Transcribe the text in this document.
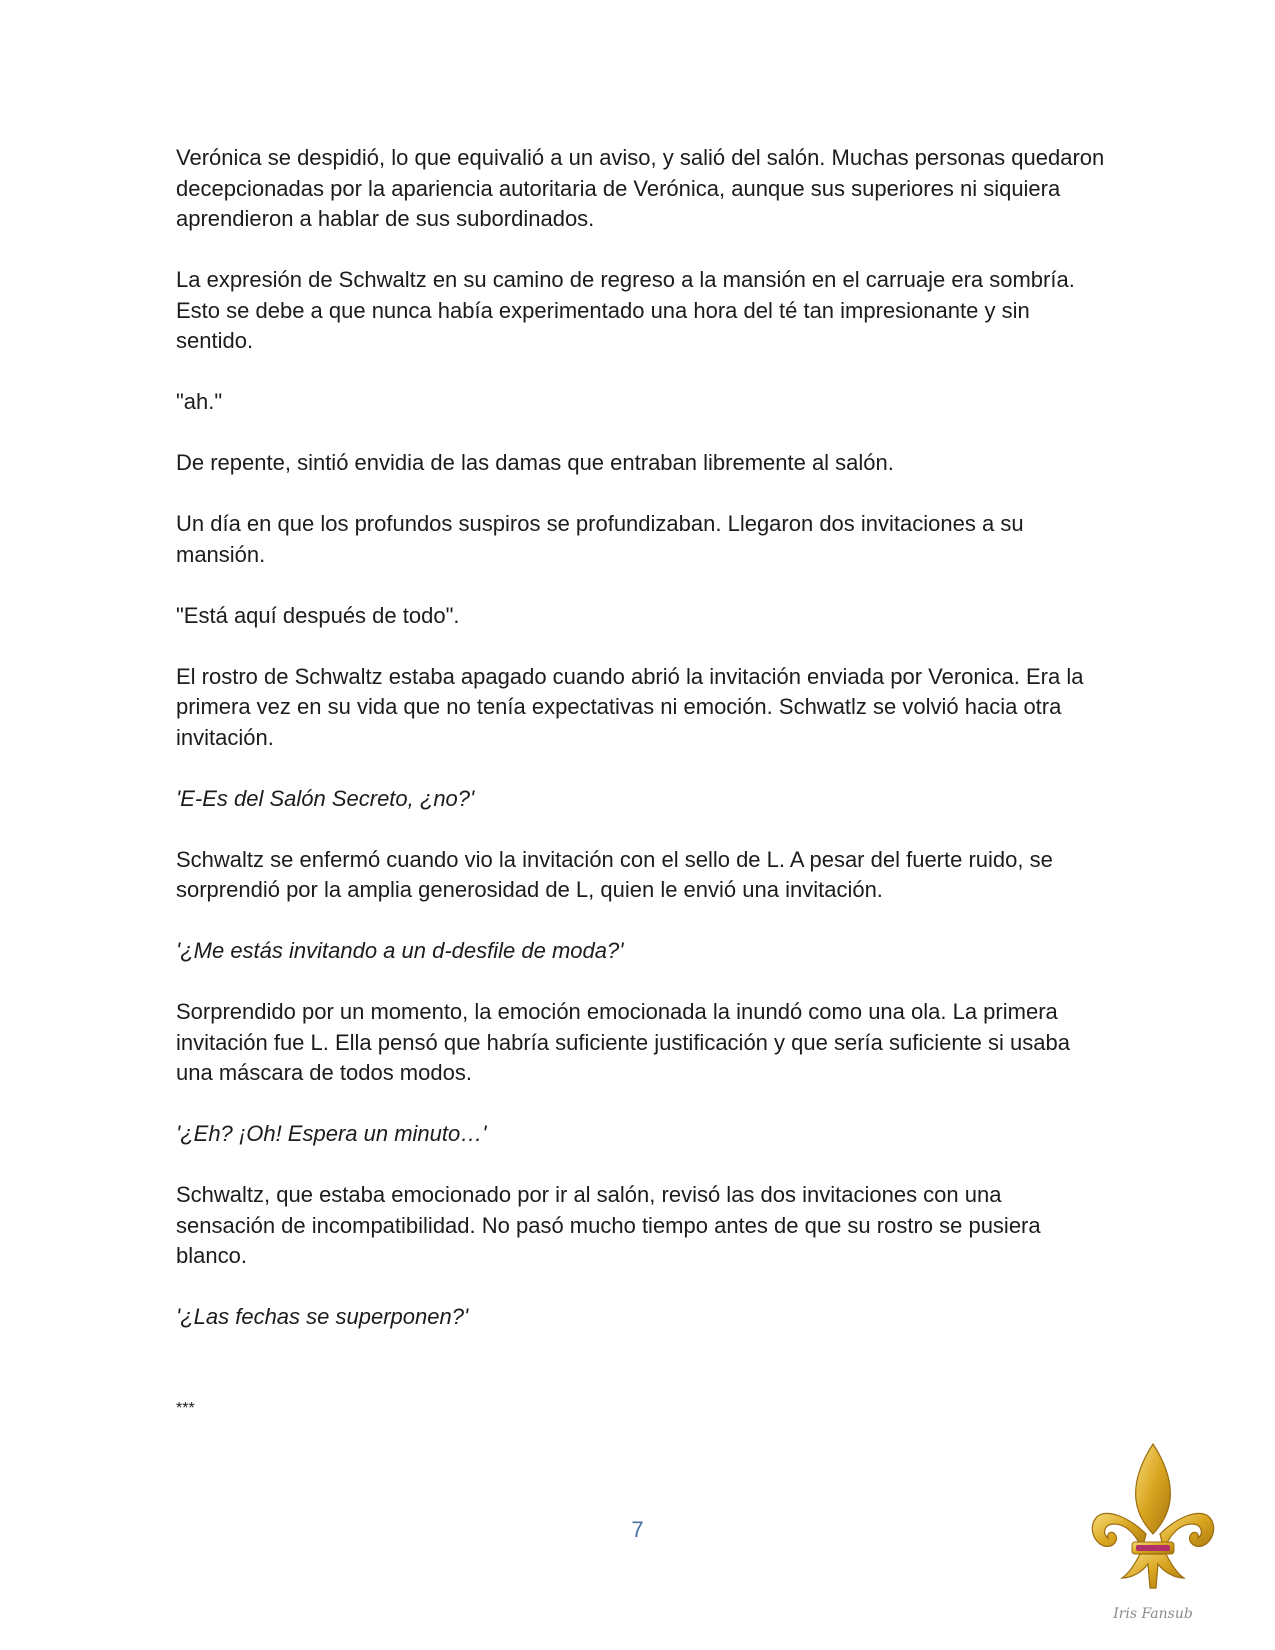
Verónica se despidió, lo que equivalió a un aviso, y salió del salón. Muchas personas quedaron decepcionadas por la apariencia autoritaria de Verónica, aunque sus superiores ni siquiera aprendieron a hablar de sus subordinados.

La expresión de Schwaltz en su camino de regreso a la mansión en el carruaje era sombría. Esto se debe a que nunca había experimentado una hora del té tan impresionante y sin sentido.

"ah."

De repente, sintió envidia de las damas que entraban libremente al salón.

Un día en que los profundos suspiros se profundizaban. Llegaron dos invitaciones a su mansión.

"Está aquí después de todo".

El rostro de Schwaltz estaba apagado cuando abrió la invitación enviada por Veronica. Era la primera vez en su vida que no tenía expectativas ni emoción. Schwatlz se volvió hacia otra invitación.

'E-Es del Salón Secreto, ¿no?'

Schwaltz se enfermó cuando vio la invitación con el sello de L. A pesar del fuerte ruido, se sorprendió por la amplia generosidad de L, quien le envió una invitación.

'¿Me estás invitando a un d-desfile de moda?'

Sorprendido por un momento, la emoción emocionada la inundó como una ola. La primera invitación fue L. Ella pensó que habría suficiente justificación y que sería suficiente si usaba una máscara de todos modos.

'¿Eh? ¡Oh! Espera un minuto…'

Schwaltz, que estaba emocionado por ir al salón, revisó las dos invitaciones con una sensación de incompatibilidad. No pasó mucho tiempo antes de que su rostro se pusiera blanco.

'¿Las fechas se superponen?'

***

7
Iris Fansub
